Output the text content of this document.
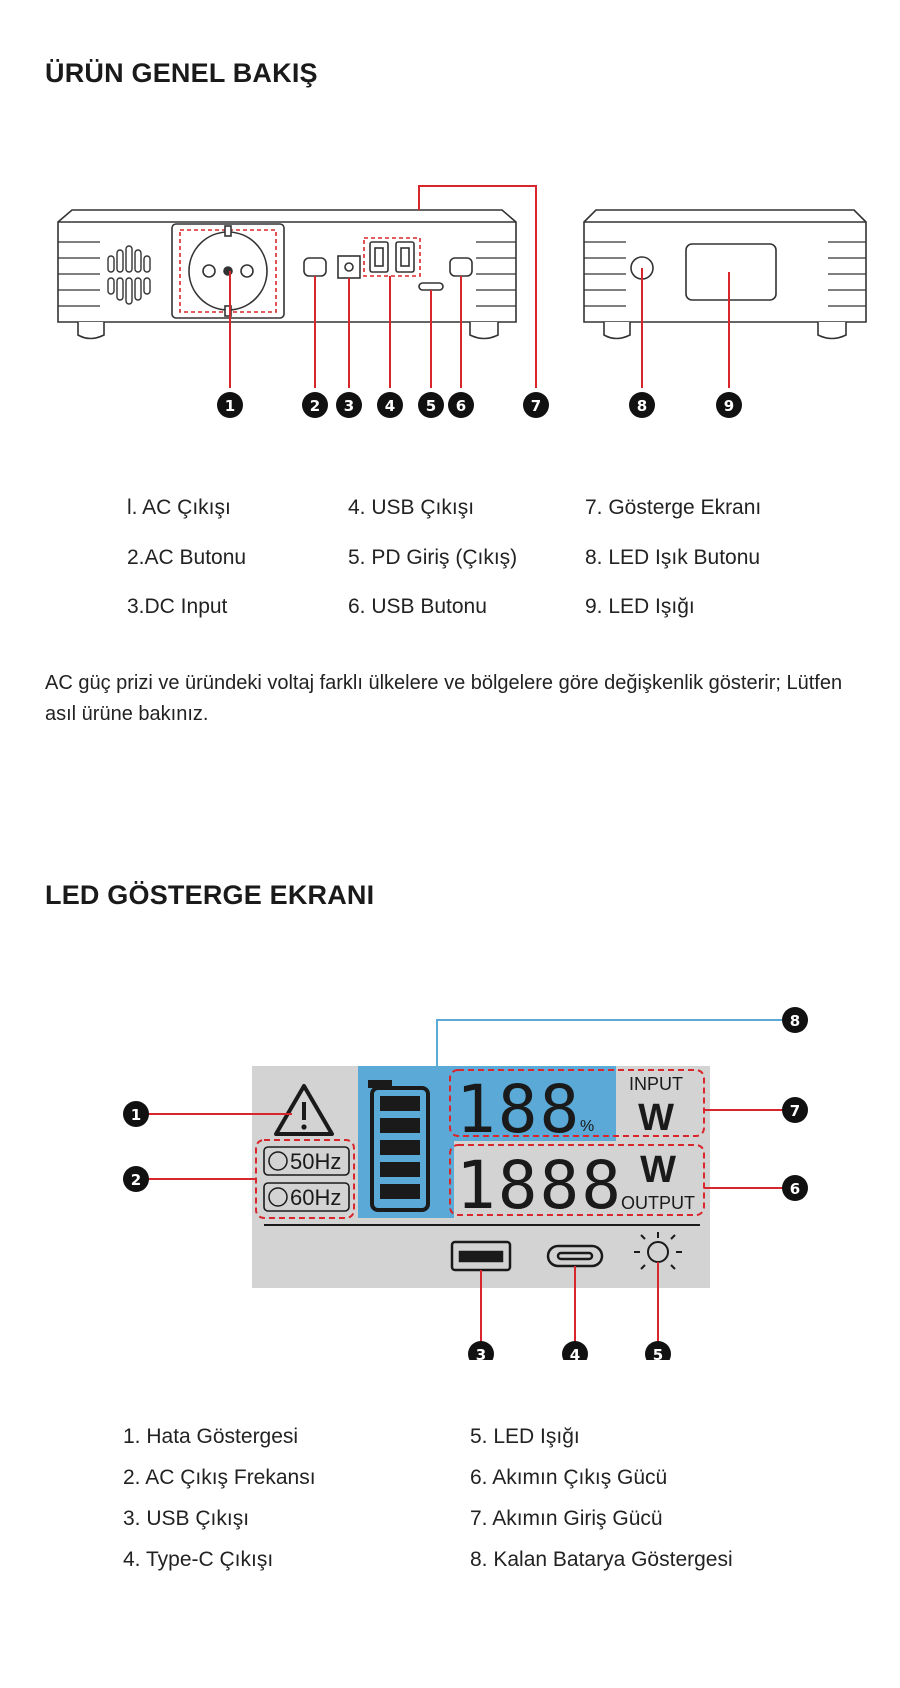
ÜRÜN GENEL BAKIŞ
1	2 3 4 5 6	7	8	9
l. AC Çıkışı
2.AC Butonu
3.DC Input
4. USB Çıkışı
5. PD Giriş (Çıkış)
6. USB Butonu
7. Gösterge Ekranı
8. LED Işık Butonu
9. LED Işığı
AC güç prizi ve üründeki voltaj farklı ülkelere ve bölgelere göre değişkenlik gösterir; Lütfen asıl ürüne bakınız.
LED GÖSTERGE EKRANI
50Hz
60Hz
188
%
INPUT
W
1888 W
OUTPUT
1
2
3	4	5
6
7
8
1. Hata Göstergesi
2. AC Çıkış Frekansı
3. USB Çıkışı
4. Type-C Çıkışı
5. LED Işığı
6. Akımın Çıkış Gücü
7. Akımın Giriş Gücü
8. Kalan Batarya Göstergesi
